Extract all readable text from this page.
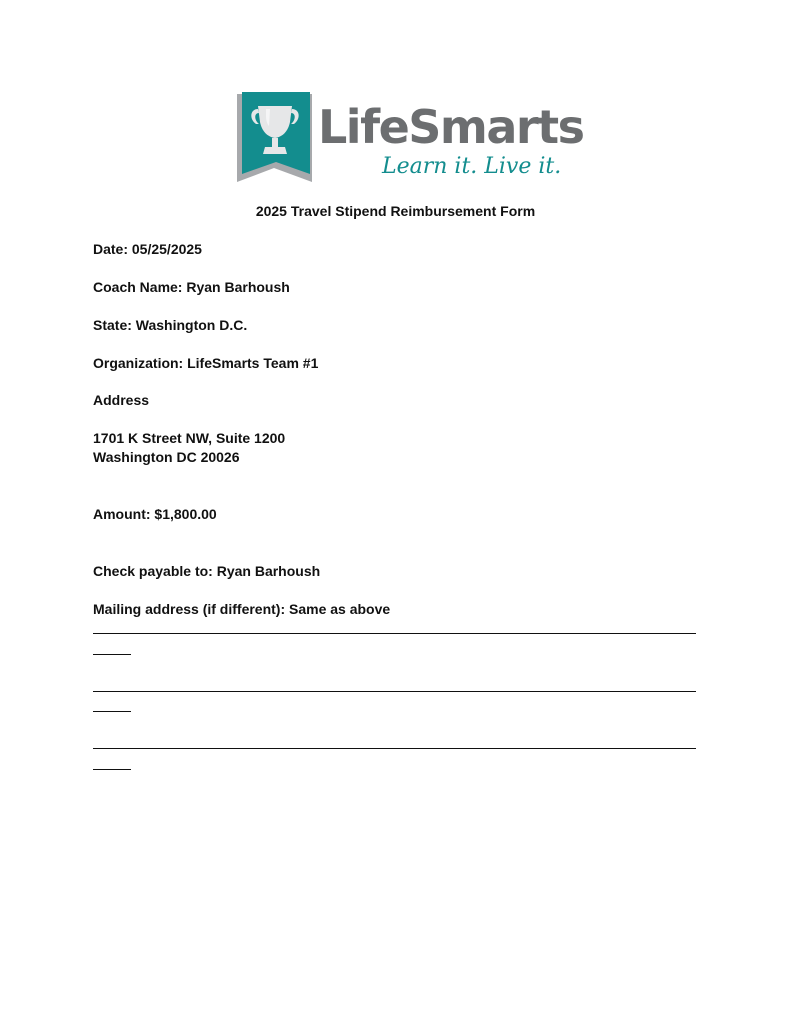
LifeSmarts
Learn it. Live it.
2025 Travel Stipend Reimbursement Form
Date: 05/25/2025
Coach Name: Ryan Barhoush
State: Washington D.C.
Organization: LifeSmarts Team #1
Address
1701 K Street NW, Suite 1200
Washington DC 20026
Amount: $1,800.00
Check payable to: Ryan Barhoush
Mailing address (if different): Same as above
